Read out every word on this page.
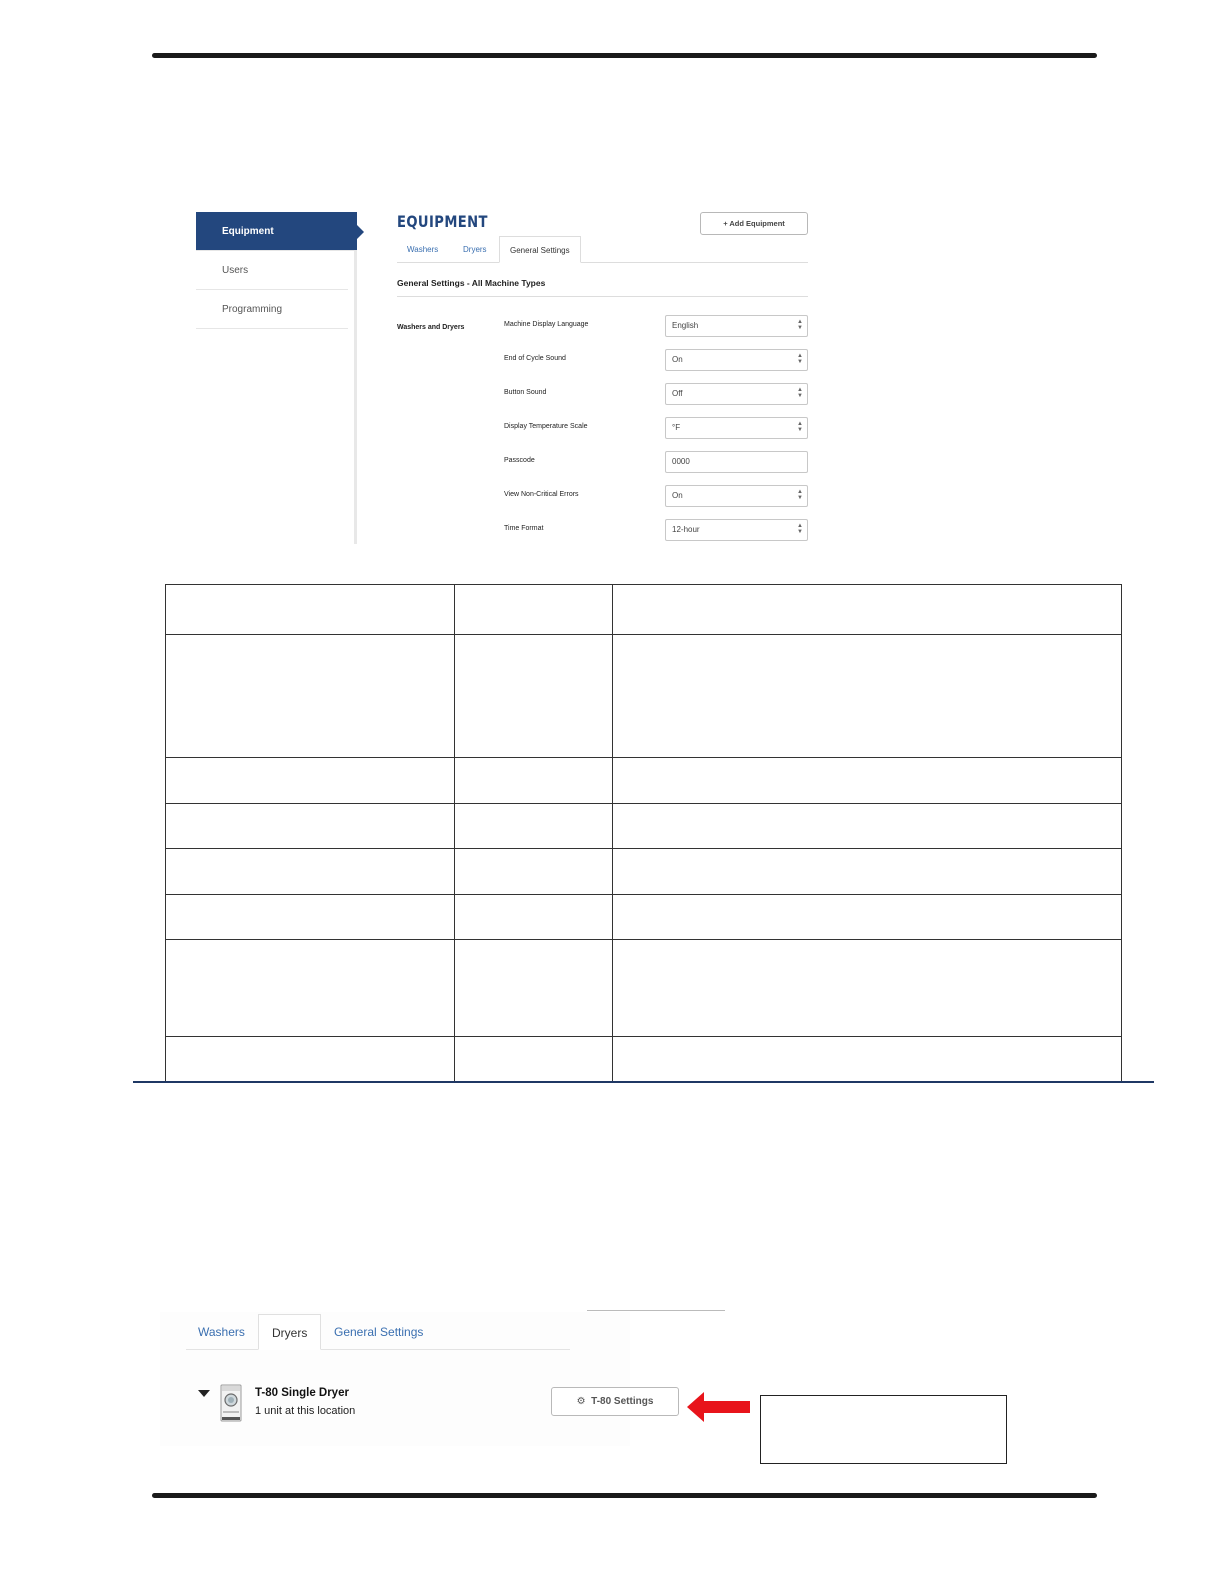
Equipment
Users
Programming
EQUIPMENT	+ Add Equipment
Washers	Dryers	General Settings
General Settings - All Machine Types
Washers and Dryers	Machine Display Language	English	▲
▼
End of Cycle Sound	On	▲
▼
Button Sound	Off	▲
▼
Display Temperature Scale	°F	▲
▼
Passcode	0000
View Non-Critical Errors	On	▲
▼
Time Format	12-hour	▲
▼

Washers	Dryers	General Settings
T-80 Single Dryer
1 unit at this location
⚙ T-80 Settings
